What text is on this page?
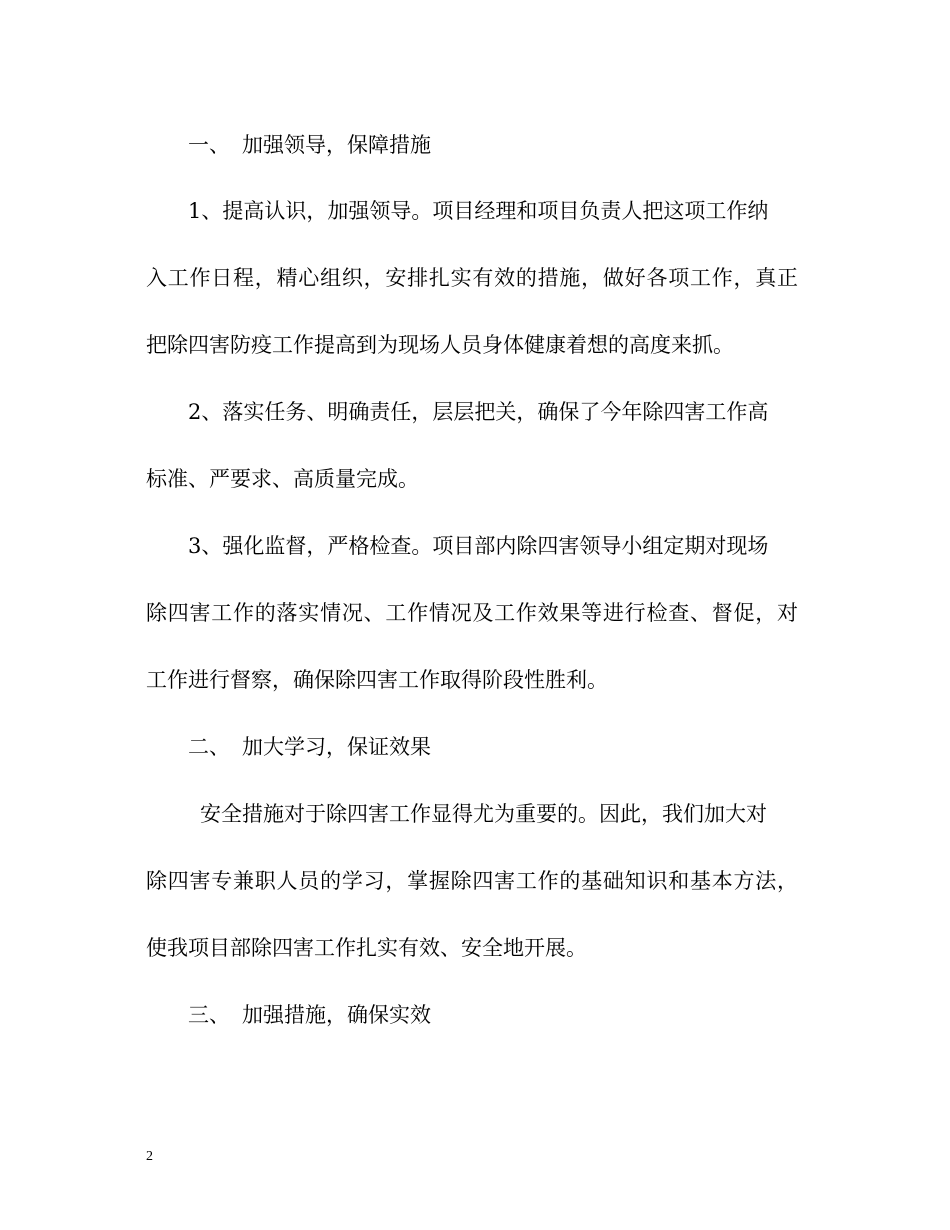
一、 加强领导，保障措施
1、提高认识，加强领导。项目经理和项目负责人把这项工作纳
入工作日程，精心组织，安排扎实有效的措施，做好各项工作，真正
把除四害防疫工作提高到为现场人员身体健康着想的高度来抓。
2、落实任务、明确责任，层层把关，确保了今年除四害工作高
标准、严要求、高质量完成。
3、强化监督，严格检查。项目部内除四害领导小组定期对现场
除四害工作的落实情况、工作情况及工作效果等进行检查、督促，对
工作进行督察，确保除四害工作取得阶段性胜利。
二、 加大学习，保证效果
安全措施对于除四害工作显得尤为重要的。因此，我们加大对
除四害专兼职人员的学习，掌握除四害工作的基础知识和基本方法，
使我项目部除四害工作扎实有效、安全地开展。
三、 加强措施，确保实效
2
